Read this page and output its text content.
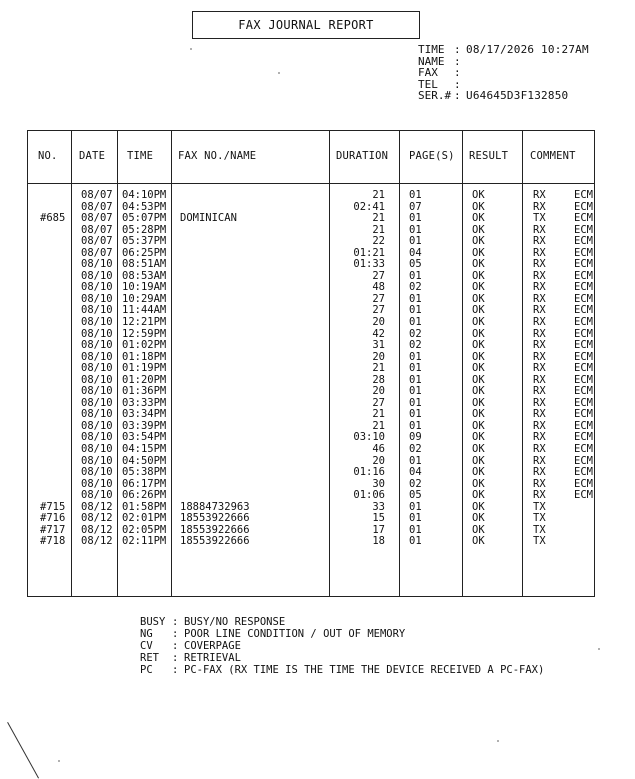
FAX JOURNAL REPORT
TIME : 08/17/2026 10:27AM
NAME :
FAX	:
TEL	:
SER.# : U64645D3F132850
NO. DATE TIME FAX NO./NAME	DURATION PAGE(S) RESULT COMMENT
08/07 04:10PM	21 01	OK	RX	ECM
08/07 04:53PM	02:41 07	OK	RX	ECM
#685 08/07 05:07PM DOMINICAN	21 01	OK	TX	ECM
08/07 05:28PM	21 01	OK	RX	ECM
08/07 05:37PM	22 01	OK	RX	ECM
08/07 06:25PM	01:21 04	OK	RX	ECM
08/10 08:51AM	01:33 05	OK	RX	ECM
08/10 08:53AM	27 01	OK	RX	ECM
08/10 10:19AM	48 02	OK	RX	ECM
08/10 10:29AM	27 01	OK	RX	ECM
08/10 11:44AM	27 01	OK	RX	ECM
08/10 12:21PM	20 01	OK	RX	ECM
08/10 12:59PM	42 02	OK	RX	ECM
08/10 01:02PM	31 02	OK	RX	ECM
08/10 01:18PM	20 01	OK	RX	ECM
08/10 01:19PM	21 01	OK	RX	ECM
08/10 01:20PM	28 01	OK	RX	ECM
08/10 01:36PM	20 01	OK	RX	ECM
08/10 03:33PM	27 01	OK	RX	ECM
08/10 03:34PM	21 01	OK	RX	ECM
08/10 03:39PM	21 01	OK	RX	ECM
08/10 03:54PM	03:10 09	OK	RX	ECM
08/10 04:15PM	46 02	OK	RX	ECM
08/10 04:50PM	20 01	OK	RX	ECM
08/10 05:38PM	01:16 04	OK	RX	ECM
08/10 06:17PM	30 02	OK	RX	ECM
08/10 06:26PM	01:06 05	OK	RX	ECM
#715 08/12 01:58PM 18884732963	33 01	OK	TX
#716 08/12 02:01PM 18553922666	15 01	OK	TX
#717 08/12 02:05PM 18553922666	17 01	OK	TX
#718 08/12 02:11PM 18553922666	18 01	OK	TX
BUSY : BUSY/NO RESPONSE
NG	: POOR LINE CONDITION / OUT OF MEMORY
CV	: COVERPAGE
RET	: RETRIEVAL
PC	: PC-FAX (RX TIME IS THE TIME THE DEVICE RECEIVED A PC-FAX)
